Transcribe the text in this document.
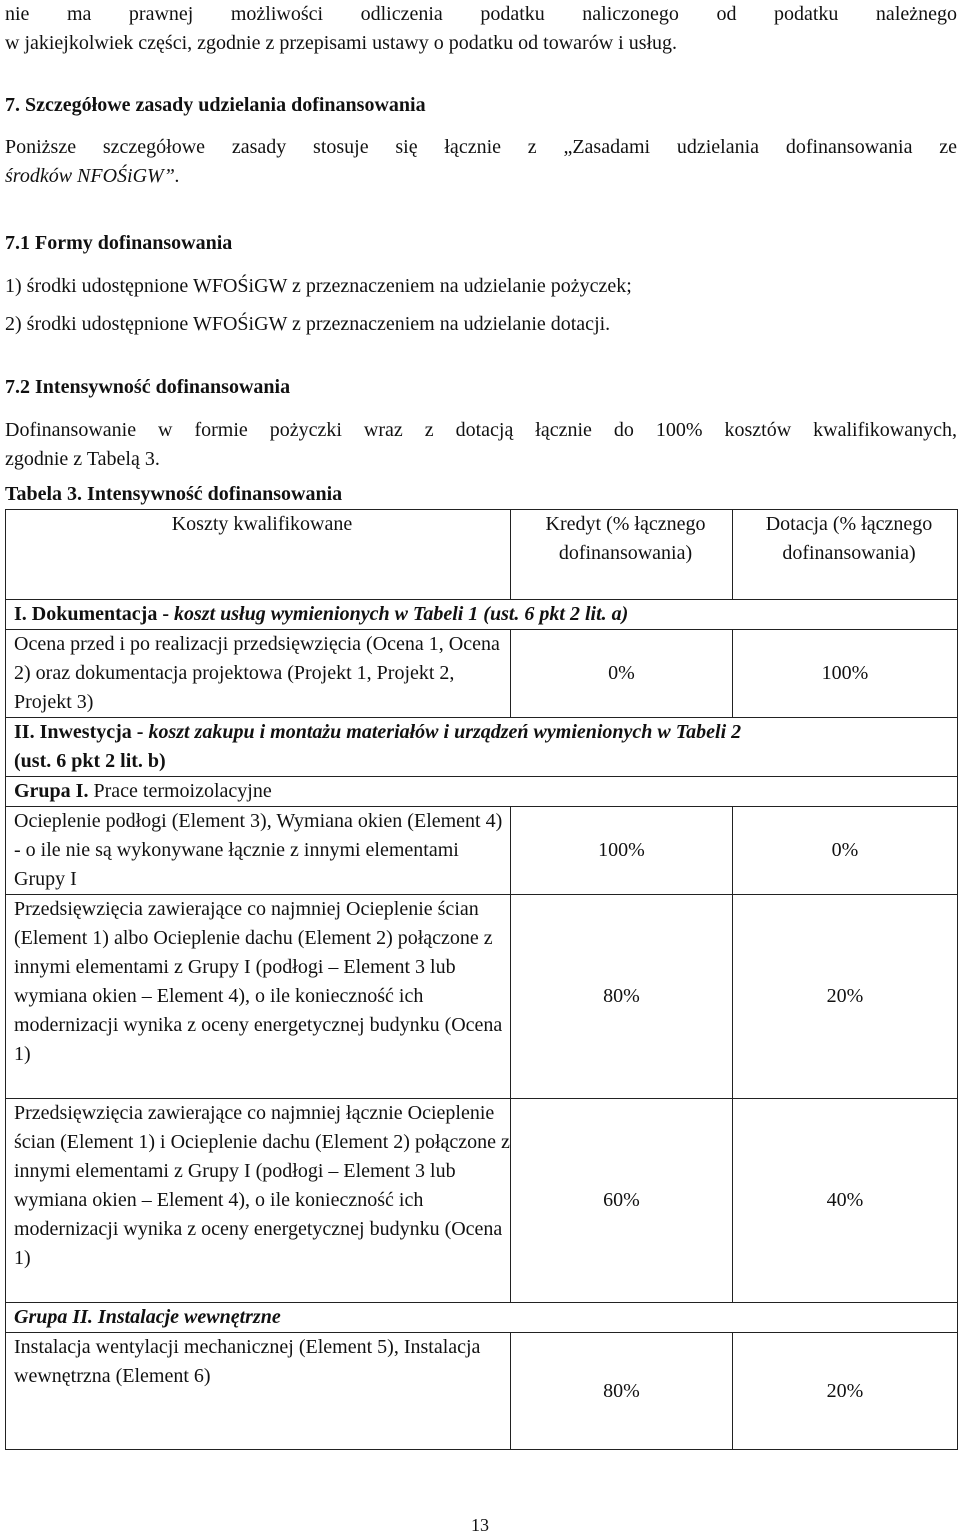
nie ma prawnej możliwości odliczenia podatku naliczonego od podatku należnego

w jakiejkolwiek części, zgodnie z przepisami ustawy o podatku od towarów i usług.

7. Szczegółowe zasady udzielania dofinansowania

Poniższe szczegółowe zasady stosuje się łącznie z „Zasadami udzielania dofinansowania ze

środków NFOŚiGW”.

7.1 Formy dofinansowania

1) środki udostępnione WFOŚiGW z przeznaczeniem na udzielanie pożyczek;

2) środki udostępnione WFOŚiGW z przeznaczeniem na udzielanie dotacji.

7.2 Intensywność dofinansowania

Dofinansowanie w formie pożyczki wraz z dotacją łącznie do 100% kosztów kwalifikowanych,

zgodnie z Tabelą 3.

Tabela 3. Intensywność dofinansowania

Koszty kwalifikowane	Kredyt (% łącznego dofinansowania)	Dotacja (% łącznego dofinansowania)
I. Dokumentacja - koszt usług wymienionych w Tabeli 1 (ust. 6 pkt 2 lit. a)		
Ocena przed i po realizacji przedsięwzięcia (Ocena 1, Ocena 2) oraz dokumentacja projektowa (Projekt 1, Projekt 2, Projekt 3)	0%	100%
II. Inwestycja - koszt zakupu i montażu materiałów i urządzeń wymienionych w Tabeli 2
(ust. 6 pkt 2 lit. b)		
Grupa I. Prace termoizolacyjne		
Ocieplenie podłogi (Element 3), Wymiana okien (Element 4) - o ile nie są wykonywane łącznie z innymi elementami Grupy I	100%	0%
Przedsięwzięcia zawierające co najmniej Ocieplenie ścian (Element 1) albo Ocieplenie dachu (Element 2) połączone z innymi elementami z Grupy I (podłogi – Element 3 lub wymiana okien – Element 4), o ile konieczność ich modernizacji wynika z oceny energetycznej budynku (Ocena 1)	80%	20%
Przedsięwzięcia zawierające co najmniej łącznie Ocieplenie ścian (Element 1) i Ocieplenie dachu (Element 2) połączone z innymi elementami z Grupy I (podłogi – Element 3 lub wymiana okien – Element 4), o ile konieczność ich modernizacji wynika z oceny energetycznej budynku (Ocena 1)	60%	40%
Grupa II. Instalacje wewnętrzne		
Instalacja wentylacji mechanicznej (Element 5), Instalacja wewnętrzna (Element 6)	80%	20%
13
